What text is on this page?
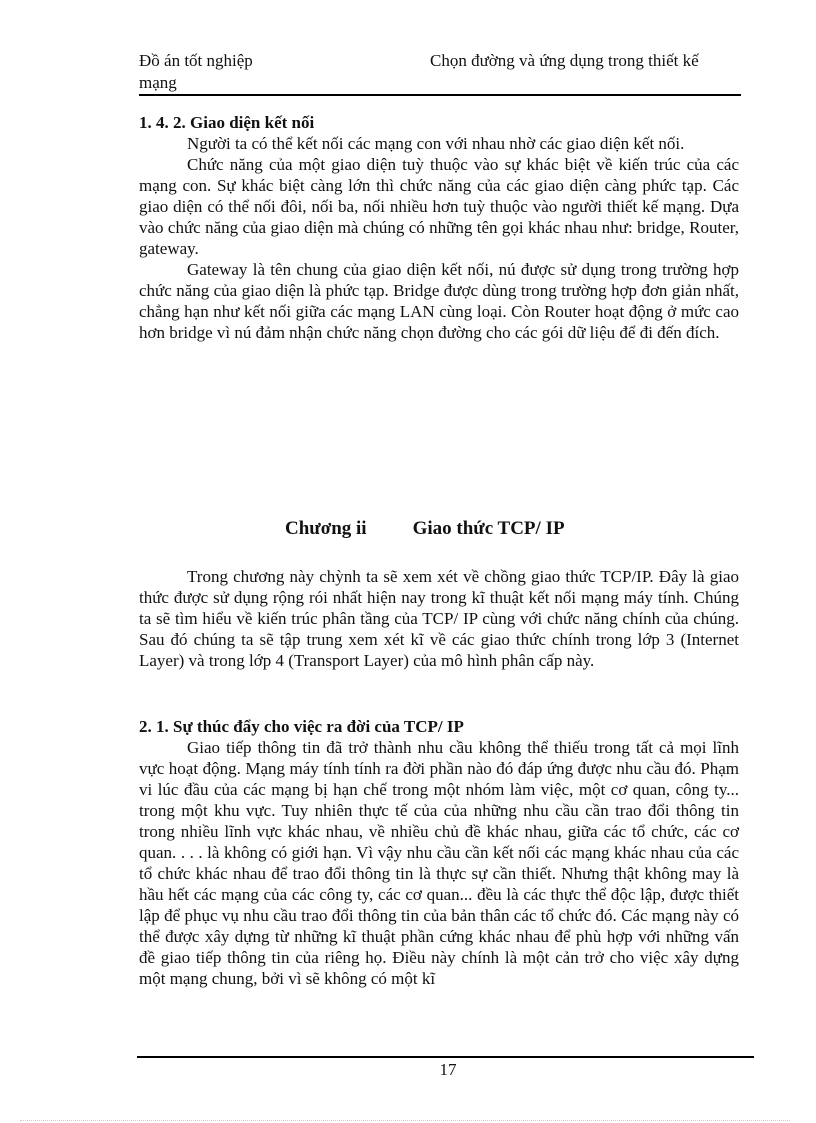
Đồ án tốt nghiệp
mạng
Chọn đường và ứng dụng trong thiết kế

1. 4. 2. Giao diện kết nối

Người ta có thể kết nối các mạng con với nhau nhờ các giao diện kết nối.

Chức năng của một giao diện tuỳ thuộc vào sự khác biệt về kiến trúc của các mạng con. Sự khác biệt càng lớn thì chức năng của các giao diện càng phức tạp. Các giao diện có thể nối đôi, nối ba, nối nhiều hơn tuỳ thuộc vào người thiết kế mạng. Dựa vào chức năng của giao diện mà chúng có những tên gọi khác nhau như: bridge, Router, gateway.

Gateway là tên chung của giao diện kết nối, nú được sử dụng trong trường hợp chức năng của giao diện là phức tạp. Bridge được dùng trong trường hợp đơn giản nhất, chẳng hạn như kết nối giữa các mạng LAN cùng loại. Còn Router hoạt động ở mức cao hơn bridge vì nú đảm nhận chức năng chọn đường cho các gói dữ liệu để đi đến đích.

Chương ii Giao thức TCP/ IP

Trong chương này chỳnh ta sẽ xem xét về chồng giao thức TCP/IP. Đây là giao thức được sử dụng rộng rói nhất hiện nay trong kĩ thuật kết nối mạng máy tính. Chúng ta sẽ tìm hiểu về kiến trúc phân tầng của TCP/ IP cùng với chức năng chính của chúng. Sau đó chúng ta sẽ tập trung xem xét kĩ về các giao thức chính trong lớp 3 (Internet Layer) và trong lớp 4 (Transport Layer) của mô hình phân cấp này.

2. 1. Sự thúc đẩy cho việc ra đời của TCP/ IP

Giao tiếp thông tin đã trở thành nhu cầu không thể thiếu trong tất cả mọi lĩnh vực hoạt động. Mạng máy tính tính ra đời phần nào đó đáp ứng được nhu cầu đó. Phạm vi lúc đầu của các mạng bị hạn chế trong một nhóm làm việc, một cơ quan, công ty... trong một khu vực. Tuy nhiên thực tế của của những nhu cầu cần trao đổi thông tin trong nhiều lĩnh vực khác nhau, về nhiều chủ đề khác nhau, giữa các tổ chức, các cơ quan. . . . là không có giới hạn. Vì vậy nhu cầu cần kết nối các mạng khác nhau của các tổ chức khác nhau để trao đổi thông tin là thực sự cần thiết. Nhưng thật không may là hầu hết các mạng của các công ty, các cơ quan... đều là các thực thể độc lập, được thiết lập để phục vụ nhu cầu trao đổi thông tin của bản thân các tổ chức đó. Các mạng này có thể được xây dựng từ những kĩ thuật phần cứng khác nhau để phù hợp với những vấn đề giao tiếp thông tin của riêng họ. Điều này chính là một cản trở cho việc xây dựng một mạng chung, bởi vì sẽ không có một kĩ

17
